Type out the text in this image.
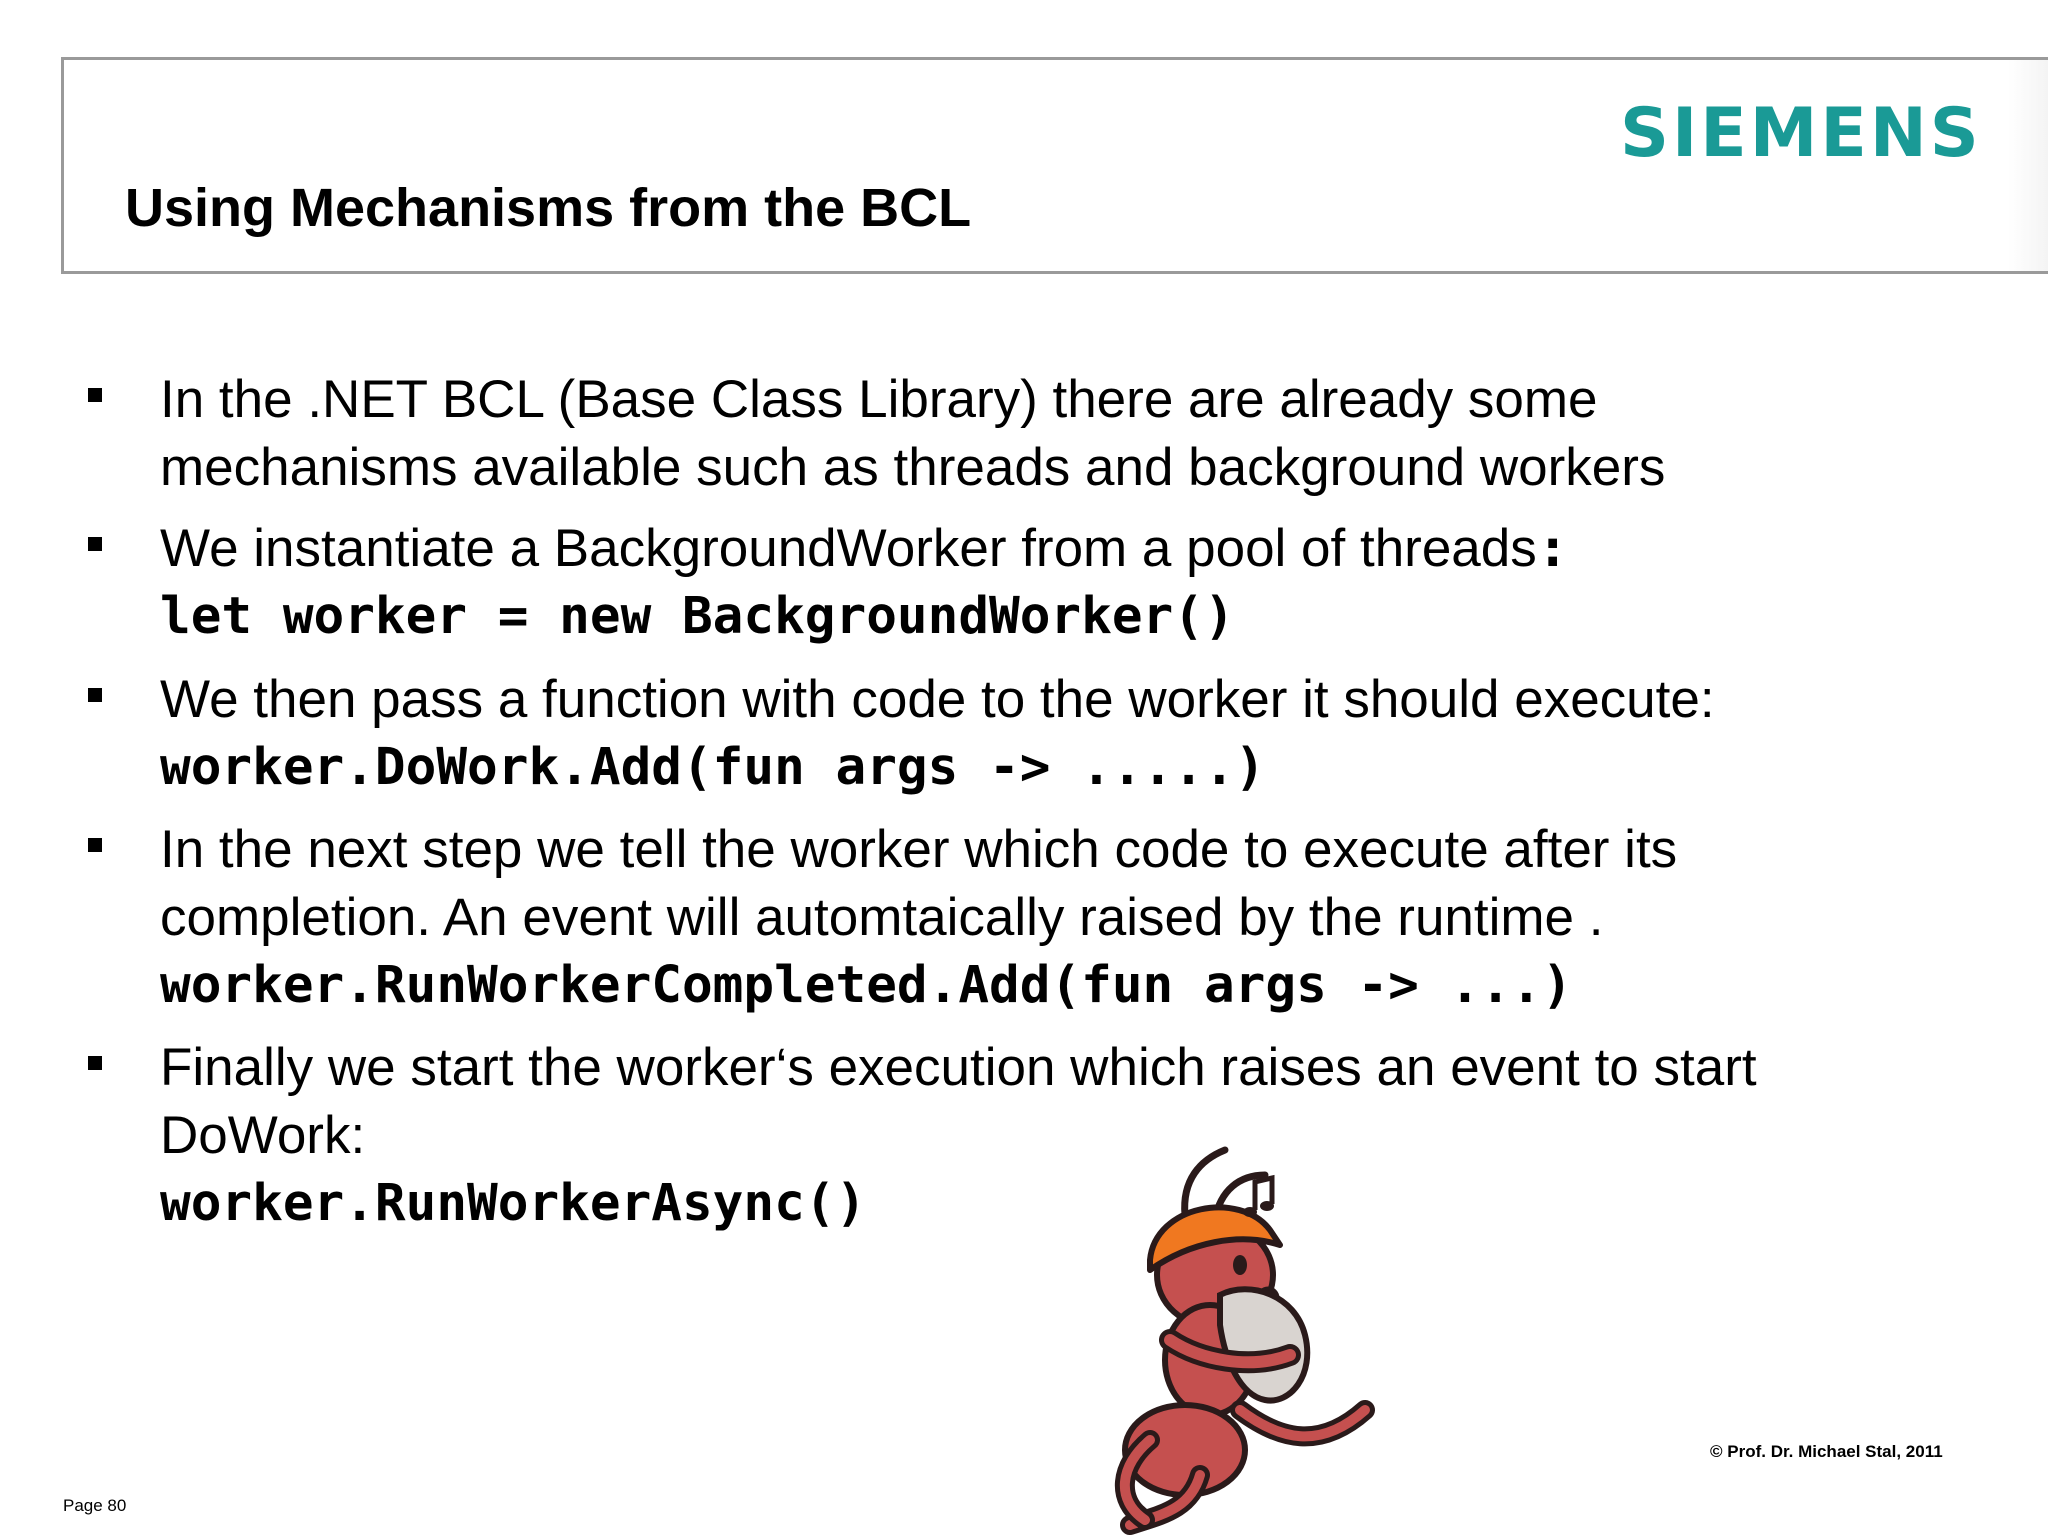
Using Mechanisms from the BCL
SIEMENS
In the .NET BCL (Base Class Library) there are already some
mechanisms available such as threads and background workers
We instantiate a BackgroundWorker from a pool of threads:
let worker = new BackgroundWorker()
We then pass a function with code to the worker it should execute:
worker.DoWork.Add(fun args -> .....)
In the next step we tell the worker which code to execute after its
completion. An event will automtaically raised by the runtime .
worker.RunWorkerCompleted.Add(fun args -> ...)
Finally we start the worker‘s execution which raises an event to start
DoWork:
worker.RunWorkerAsync()
© Prof. Dr. Michael Stal, 2011
Page 80
